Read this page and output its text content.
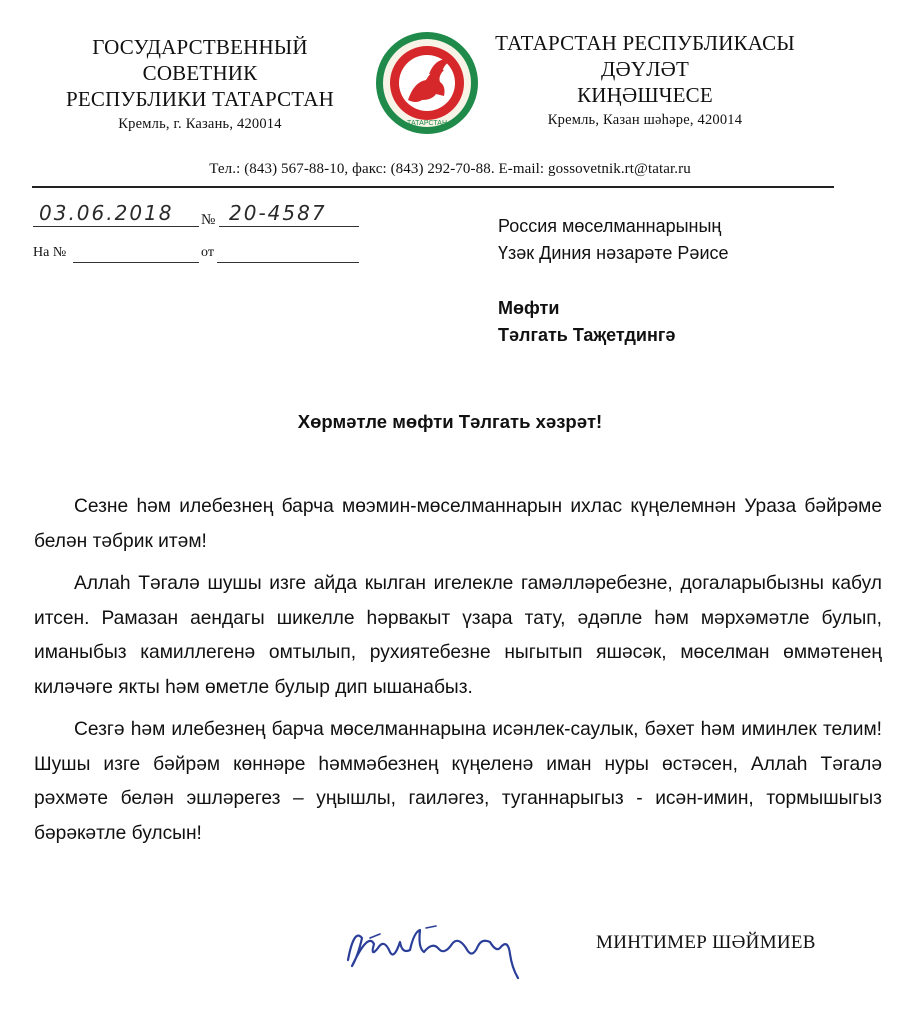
ГОСУДАРСТВЕННЫЙ
СОВЕТНИК
РЕСПУБЛИКИ ТАТАРСТАН
Кремль, г. Казань, 420014	ТАТАРСТАН
ТАТАРСТАН РЕСПУБЛИКАСЫ
ДӘҮЛӘТ
КИҢӘШЧЕСЕ
Кремль, Казан шәһәре, 420014
Тел.: (843) 567-88-10, факс: (843) 292-70-88. E-mail: gossovetnik.rt@tatar.ru
03.06.2018 № 20-4587
На №	от
Россия мөселманнарының
Үзәк Диния нәзарәте Рәисе
Мөфти
Тәлгать Таҗетдингә
Хөрмәтле мөфти Тәлгать хәзрәт!

Сезне һәм илебезнең барча мөэмин-мөселманнарын ихлас күңелемнән Ураза бәйрәме белән тәбрик итәм!

Аллаһ Тәгалә шушы изге айда кылган игелекле гамәлләребезне, догаларыбызны кабул итсен. Рамазан аендагы шикелле һәрвакыт үзара тату, әдәпле һәм мәрхәмәтле булып, иманыбыз камиллегенә омтылып, рухиятебезне ныгытып яшәсәк, мөселман өммәтенең киләчәге якты һәм өметле булыр дип ышанабыз.

Сезгә һәм илебезнең барча мөселманнарына исәнлек-саулык, бәхет һәм иминлек телим! Шушы изге бәйрәм көннәре һәммәбезнең күңеленә иман нуры өстәсен, Аллаһ Тәгалә рәхмәте белән эшләрегез – уңышлы, гаиләгез, туганнарыгыз - исән-имин, тормышыгыз бәрәкәтле булсын!

МИНТИМЕР ШӘЙМИЕВ
